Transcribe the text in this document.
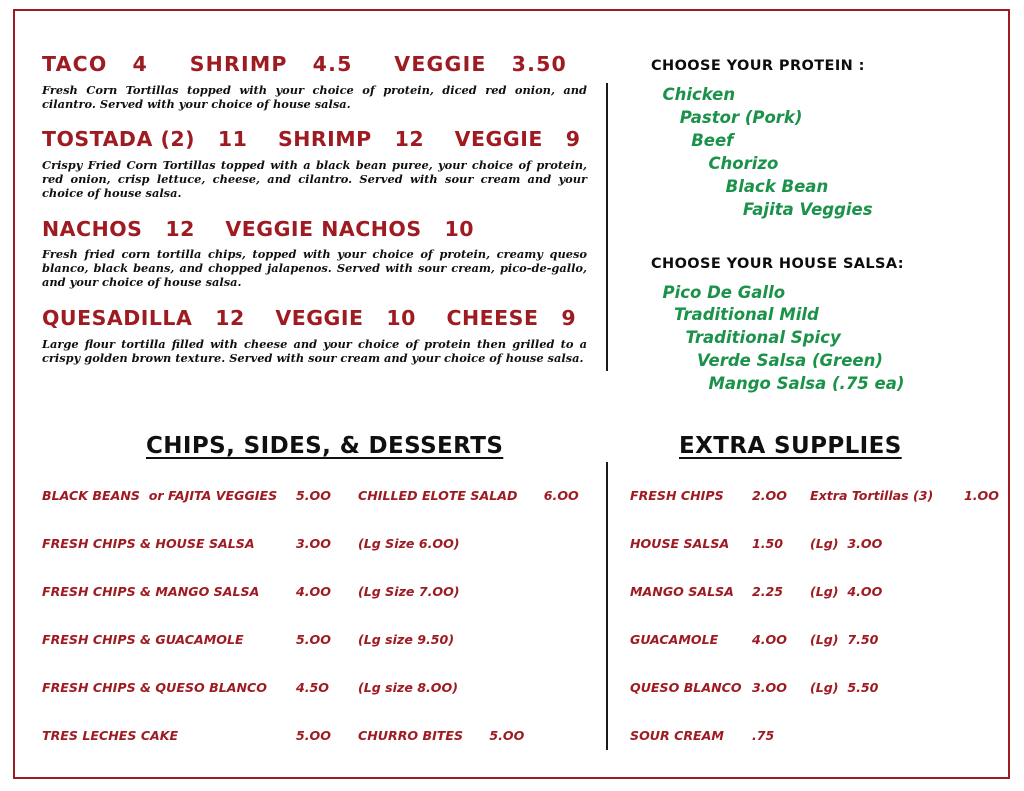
TACO   4     SHRIMP   4.5     VEGGIE   3.50
Fresh Corn Tortillas topped with your choice of protein, diced red onion, and cilantro. Served with your choice of house salsa.
TOSTADA (2)   11    SHRIMP   12    VEGGIE   9
Crispy Fried Corn Tortillas topped with a black bean puree, your choice of protein, red onion, crisp lettuce, cheese, and cilantro. Served with sour cream and your choice of house salsa.
NACHOS   12    VEGGIE NACHOS   10
Fresh fried corn tortilla chips, topped with your choice of protein, creamy queso blanco, black beans, and chopped jalapenos. Served with sour cream, pico-de-gallo, and your choice of house salsa.
QUESADILLA   12    VEGGIE   10    CHEESE   9
Large flour tortilla filled with cheese and your choice of protein then grilled to a crispy golden brown texture. Served with sour cream and your choice of house salsa.
CHOOSE YOUR PROTEIN :
Chicken
Pastor (Pork)
Beef
Chorizo
Black Bean
Fajita Veggies
CHOOSE YOUR HOUSE SALSA:
Pico De Gallo
Traditional Mild
Traditional Spicy
Verde Salsa (Green)
Mango Salsa (.75 ea)
CHIPS, SIDES, & DESSERTS	EXTRA SUPPLIES
BLACK BEANS  or FAJITA VEGGIES	5.OO	CHILLED ELOTE SALAD      6.OO
FRESH CHIPS & HOUSE SALSA	3.OO	(Lg Size 6.OO)
FRESH CHIPS & MANGO SALSA	4.OO	(Lg Size 7.OO)
FRESH CHIPS & GUACAMOLE	5.OO	(Lg size 9.50)
FRESH CHIPS & QUESO BLANCO	4.5O	(Lg size 8.OO)
TRES LECHES CAKE	5.OO	CHURRO BITES      5.OO
FRESH CHIPS	2.OO	Extra Tortillas (3)       1.OO
HOUSE SALSA	1.50	(Lg)  3.OO
MANGO SALSA	2.25	(Lg)  4.OO
GUACAMOLE	4.OO	(Lg)  7.50
QUESO BLANCO 3.OO	(Lg)  5.50
SOUR CREAM	.75
